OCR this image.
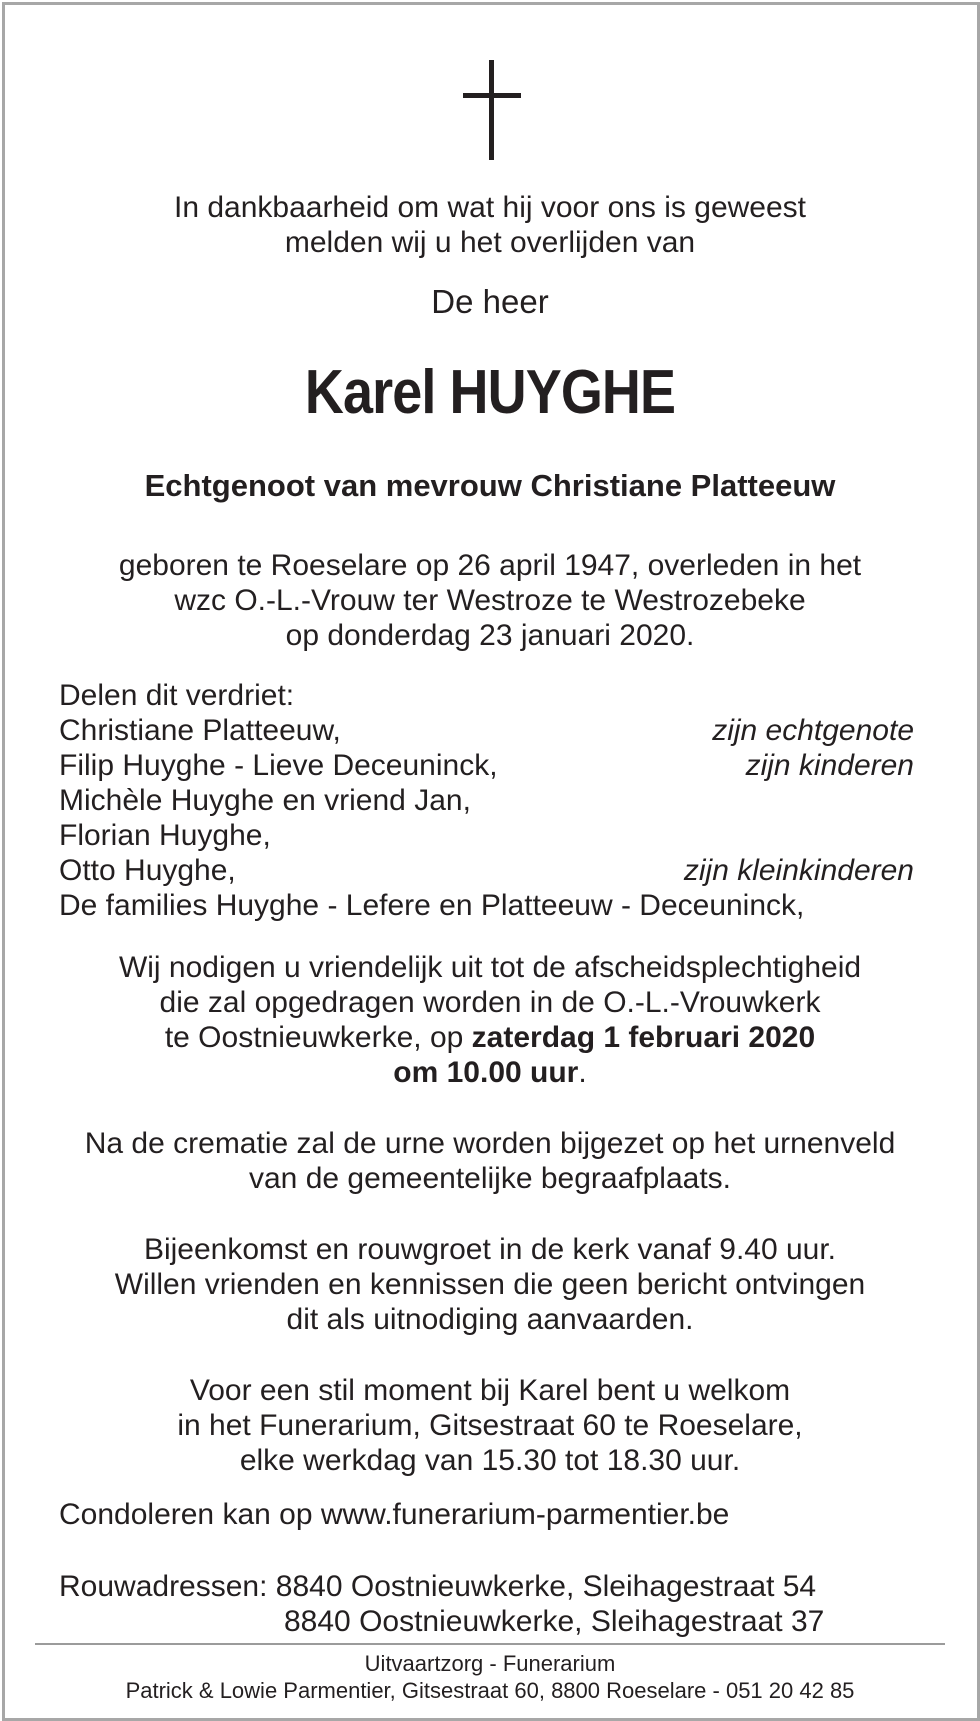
In dankbaarheid om wat hij voor ons is geweest
melden wij u het overlijden van
De heer
Karel HUYGHE
Echtgenoot van mevrouw Christiane Platteeuw
geboren te Roeselare op 26 april 1947, overleden in het
wzc O.-L.-Vrouw ter Westroze te Westrozebeke
op donderdag 23 januari 2020.
Delen dit verdriet:
Christiane Platteeuw,	zijn echtgenote
Filip Huyghe - Lieve Deceuninck,	zijn kinderen
Michèle Huyghe en vriend Jan,
Florian Huyghe,
Otto Huyghe,	zijn kleinkinderen
De families Huyghe - Lefere en Platteeuw - Deceuninck,
Wij nodigen u vriendelijk uit tot de afscheidsplechtigheid
die zal opgedragen worden in de O.-L.-Vrouwkerk
te Oostnieuwkerke, op zaterdag 1 februari 2020
om 10.00 uur.
Na de crematie zal de urne worden bijgezet op het urnenveld
van de gemeentelijke begraafplaats.
Bijeenkomst en rouwgroet in de kerk vanaf 9.40 uur.
Willen vrienden en kennissen die geen bericht ontvingen
dit als uitnodiging aanvaarden.
Voor een stil moment bij Karel bent u welkom
in het Funerarium, Gitsestraat 60 te Roeselare,
elke werkdag van 15.30 tot 18.30 uur.
Condoleren kan op www.funerarium-parmentier.be
Rouwadressen: 8840 Oostnieuwkerke, Sleihagestraat 54
8840 Oostnieuwkerke, Sleihagestraat 37
Uitvaartzorg - Funerarium
Patrick & Lowie Parmentier, Gitsestraat 60, 8800 Roeselare - 051 20 42 85
